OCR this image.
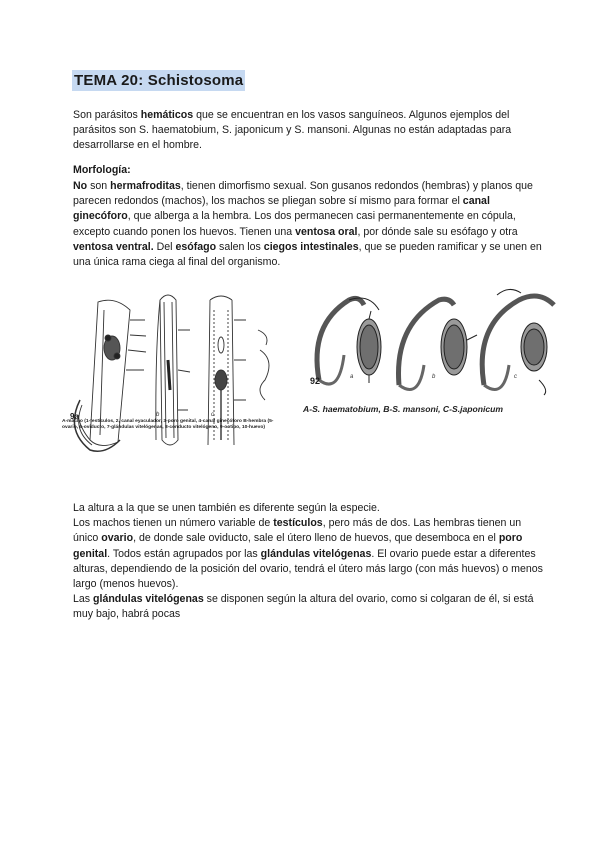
TEMA 20: Schistosoma

Son parásitos hemáticos que se encuentran en los vasos sanguíneos. Algunos ejemplos del parásitos son S. haematobium, S. japonicum y S. mansoni. Algunas no están adaptadas para desarrollarse en el hombre.

Morfología:

No son hermafroditas, tienen dimorfismo sexual. Son gusanos redondos (hembras) y planos que parecen redondos (machos), los machos se pliegan sobre sí mismo para formar el canal ginecóforo, que alberga a la hembra. Los dos permanecen casi permanentemente en cópula, excepto cuando ponen los huevos. Tienen una ventosa oral, por dónde sale su esófago y otra ventosa ventral. Del esófago salen los ciegos intestinales, que se pueden ramificar y se unen en una única rama ciega al final del organismo.

9a	b	c
A-macho (1-testículos, 2, canal eyaculador, 3-poro genital, 4-canal ginecóforo B-hembra (5-ovario, 6-oviducto, 7-glándulas vitelógenas, 8-conducto vitelógeno, 9-ootipo, 10-huevo)
92	a	b	c
A-S. haematobium, B-S. mansoni, C-S.japonicum

La altura a la que se unen también es diferente según la especie.
Los machos tienen un número variable de testículos, pero más de dos. Las hembras tienen un único ovario, de donde sale oviducto, sale el útero lleno de huevos, que desemboca en el poro genital. Todos están agrupados por las glándulas vitelógenas. El ovario puede estar a diferentes alturas, dependiendo de la posición del ovario, tendrá el útero más largo (con más huevos) o menos largo (menos huevos).
Las glándulas vitelógenas se disponen según la altura del ovario, como si colgaran de él, si está muy bajo, habrá pocas
